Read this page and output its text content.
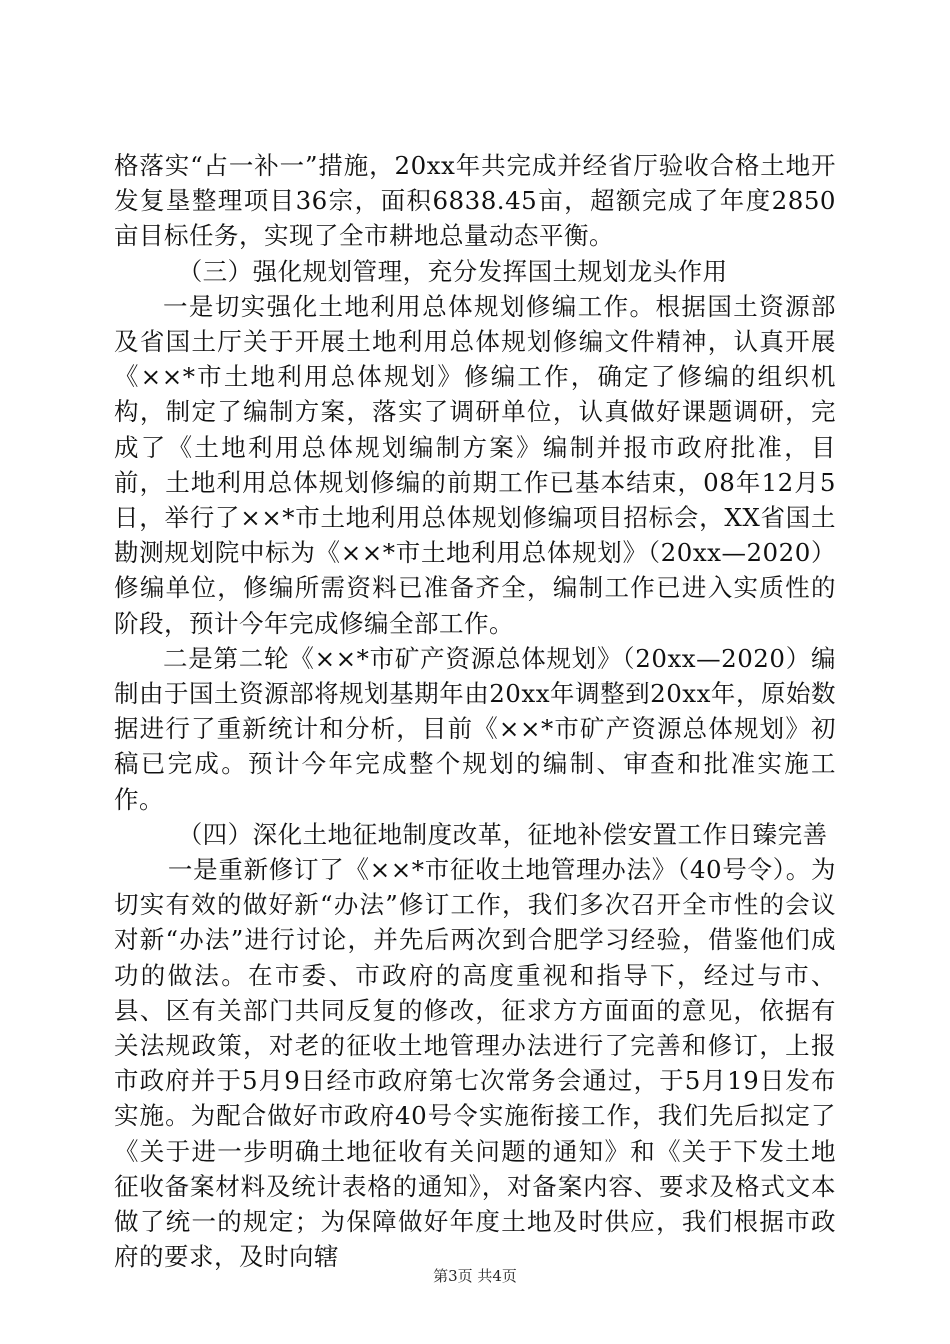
格落实“占一补一”措施，20xx年共完成并经省厅验收合格土地开发复垦整理项目36宗，面积6838.45亩，超额完成了年度2850亩目标任务，实现了全市耕地总量动态平衡。

（三）强化规划管理，充分发挥国土规划龙头作用

一是切实强化土地利用总体规划修编工作。根据国土资源部及省国土厅关于开展土地利用总体规划修编文件精神，认真开展《××*市土地利用总体规划》修编工作，确定了修编的组织机构，制定了编制方案，落实了调研单位，认真做好课题调研，完成了《土地利用总体规划编制方案》编制并报市政府批准，目前，土地利用总体规划修编的前期工作已基本结束，08年12月5日，举行了××*市土地利用总体规划修编项目招标会，XX省国土勘测规划院中标为《××*市土地利用总体规划》（20xx—2020）修编单位，修编所需资料已准备齐全，编制工作已进入实质性的阶段，预计今年完成修编全部工作。

二是第二轮《××*市矿产资源总体规划》（20xx—2020）编制由于国土资源部将规划基期年由20xx年调整到20xx年，原始数据进行了重新统计和分析，目前《××*市矿产资源总体规划》初稿已完成。预计今年完成整个规划的编制、审查和批准实施工作。

（四）深化土地征地制度改革，征地补偿安置工作日臻完善

一是重新修订了《××*市征收土地管理办法》（40号令）。为切实有效的做好新“办法”修订工作，我们多次召开全市性的会议对新“办法”进行讨论，并先后两次到合肥学习经验，借鉴他们成功的做法。在市委、市政府的高度重视和指导下，经过与市、县、区有关部门共同反复的修改，征求方方面面的意见，依据有关法规政策，对老的征收土地管理办法进行了完善和修订，上报市政府并于5月9日经市政府第七次常务会通过，于5月19日发布实施。为配合做好市政府40号令实施衔接工作，我们先后拟定了《关于进一步明确土地征收有关问题的通知》和《关于下发土地征收备案材料及统计表格的通知》，对备案内容、要求及格式文本做了统一的规定；为保障做好年度土地及时供应，我们根据市政府的要求，及时向辖

第3页 共4页
